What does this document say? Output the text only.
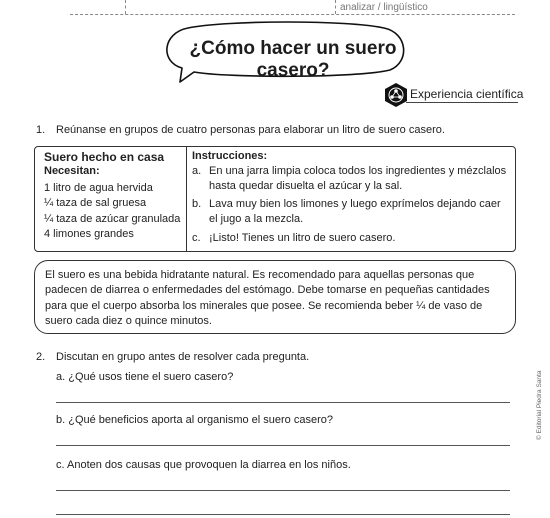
analizar / lingüístico
¿Cómo hacer un suero casero?
Experiencia científica
1. Reúnanse en grupos de cuatro personas para elaborar un litro de suero casero.
Suero hecho en casa
Necesitan:
1 litro de agua hervida
¼ taza de sal gruesa
¼ taza de azúcar granulada
4 limones grandes
Instrucciones:
a. En una jarra limpia coloca todos los ingredientes y mézclalos hasta quedar disuelta el azúcar y la sal.
b. Lava muy bien los limones y luego exprímelos dejando caer el jugo a la mezcla.
c. ¡Listo! Tienes un litro de suero casero.
El suero es una bebida hidratante natural. Es recomendado para aquellas personas que padecen de diarrea o enfermedades del estómago. Debe tomarse en pequeñas cantidades para que el cuerpo absorba los minerales que posee. Se recomienda beber ¼ de vaso de suero cada diez o quince minutos.
2. Discutan en grupo antes de resolver cada pregunta.
a. ¿Qué usos tiene el suero casero?
b. ¿Qué beneficios aporta al organismo el suero casero?
c. Anoten dos causas que provoquen la diarrea en los niños.
© Editorial Piedra Santa
